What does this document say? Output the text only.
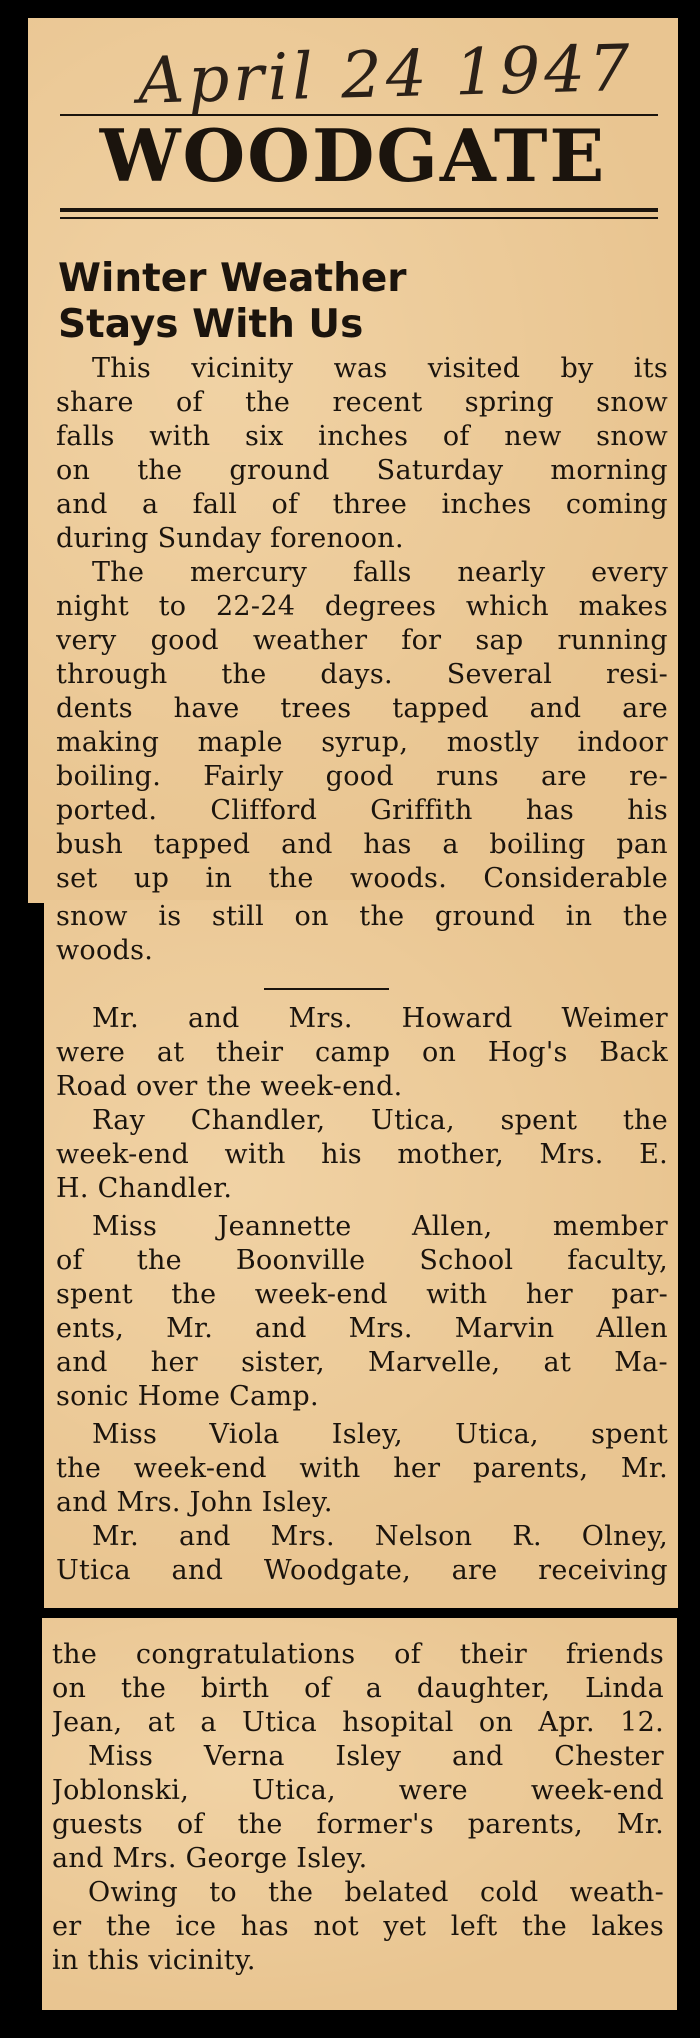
April 24 1947
WOODGATE
Winter Weather
Stays With Us
This vicinity was visited by its
share of the recent spring snow
falls with six inches of new snow
on the ground Saturday morning
and a fall of three inches coming
during Sunday forenoon.
The mercury falls nearly every
night to 22-24 degrees which makes
very good weather for sap running
through the days. Several resi-
dents have trees tapped and are
making maple syrup, mostly indoor
boiling. Fairly good runs are re-
ported. Clifford Griffith has his
bush tapped and has a boiling pan
set up in the woods. Considerable
snow is still on the ground in the
woods.
Mr. and Mrs. Howard Weimer
were at their camp on Hog's Back
Road over the week-end.
Ray Chandler, Utica, spent the
week-end with his mother, Mrs. E.
H. Chandler.
Miss Jeannette Allen, member
of the Boonville School faculty,
spent the week-end with her par-
ents, Mr. and Mrs. Marvin Allen
and her sister, Marvelle, at Ma-
sonic Home Camp.
Miss Viola Isley, Utica, spent
the week-end with her parents, Mr.
and Mrs. John Isley.
Mr. and Mrs. Nelson R. Olney,
Utica and Woodgate, are receiving
the congratulations of their friends
on the birth of a daughter, Linda
Jean, at a Utica hsopital on Apr. 12.
Miss Verna Isley and Chester
Joblonski, Utica, were week-end
guests of the former's parents, Mr.
and Mrs. George Isley.
Owing to the belated cold weath-
er the ice has not yet left the lakes
in this vicinity.
